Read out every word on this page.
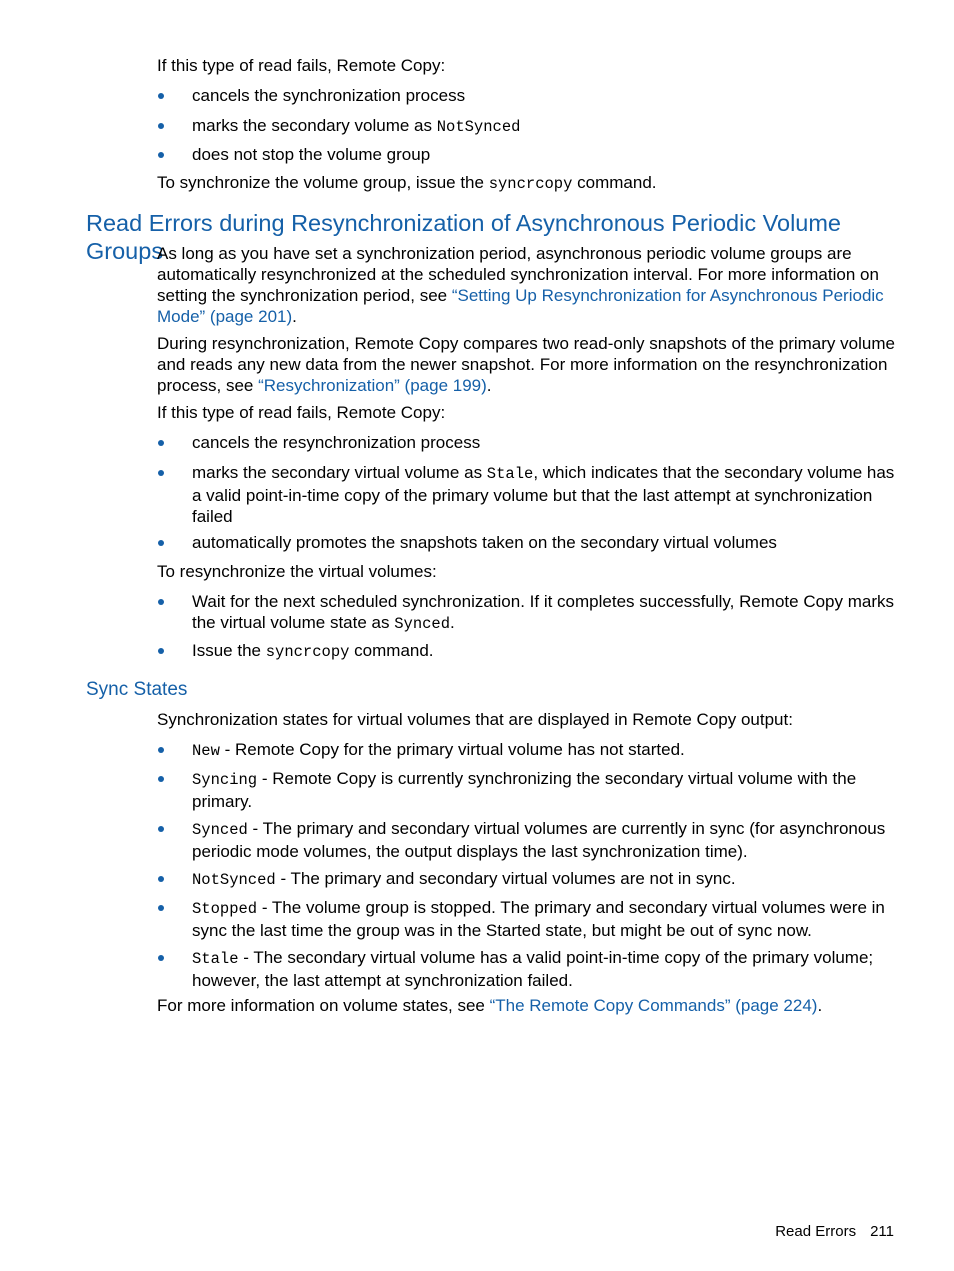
If this type of read fails, Remote Copy:

cancels the synchronization process
marks the secondary volume as NotSynced
does not stop the volume group

To synchronize the volume group, issue the syncrcopy command.

Read Errors during Resynchronization of Asynchronous Periodic Volume Groups

As long as you have set a synchronization period, asynchronous periodic volume groups are automatically resynchronized at the scheduled synchronization interval. For more information on setting the synchronization period, see “Setting Up Resynchronization for Asynchronous Periodic Mode” (page 201).

During resynchronization, Remote Copy compares two read-only snapshots of the primary volume and reads any new data from the newer snapshot. For more information on the resynchronization process, see “Resychronization” (page 199).

If this type of read fails, Remote Copy:

cancels the resynchronization process
marks the secondary virtual volume as Stale, which indicates that the secondary volume has a valid point-in-time copy of the primary volume but that the last attempt at synchronization failed
automatically promotes the snapshots taken on the secondary virtual volumes

To resynchronize the virtual volumes:

Wait for the next scheduled synchronization. If it completes successfully, Remote Copy marks the virtual volume state as Synced.
Issue the syncrcopy command.
Sync States

Synchronization states for virtual volumes that are displayed in Remote Copy output:

New - Remote Copy for the primary virtual volume has not started.
Syncing - Remote Copy is currently synchronizing the secondary virtual volume with the primary.
Synced - The primary and secondary virtual volumes are currently in sync (for asynchronous periodic mode volumes, the output displays the last synchronization time).
NotSynced - The primary and secondary virtual volumes are not in sync.
Stopped - The volume group is stopped. The primary and secondary virtual volumes were in sync the last time the group was in the Started state, but might be out of sync now.
Stale - The secondary virtual volume has a valid point-in-time copy of the primary volume; however, the last attempt at synchronization failed.

For more information on volume states, see “The Remote Copy Commands” (page 224).

Read Errors 211
